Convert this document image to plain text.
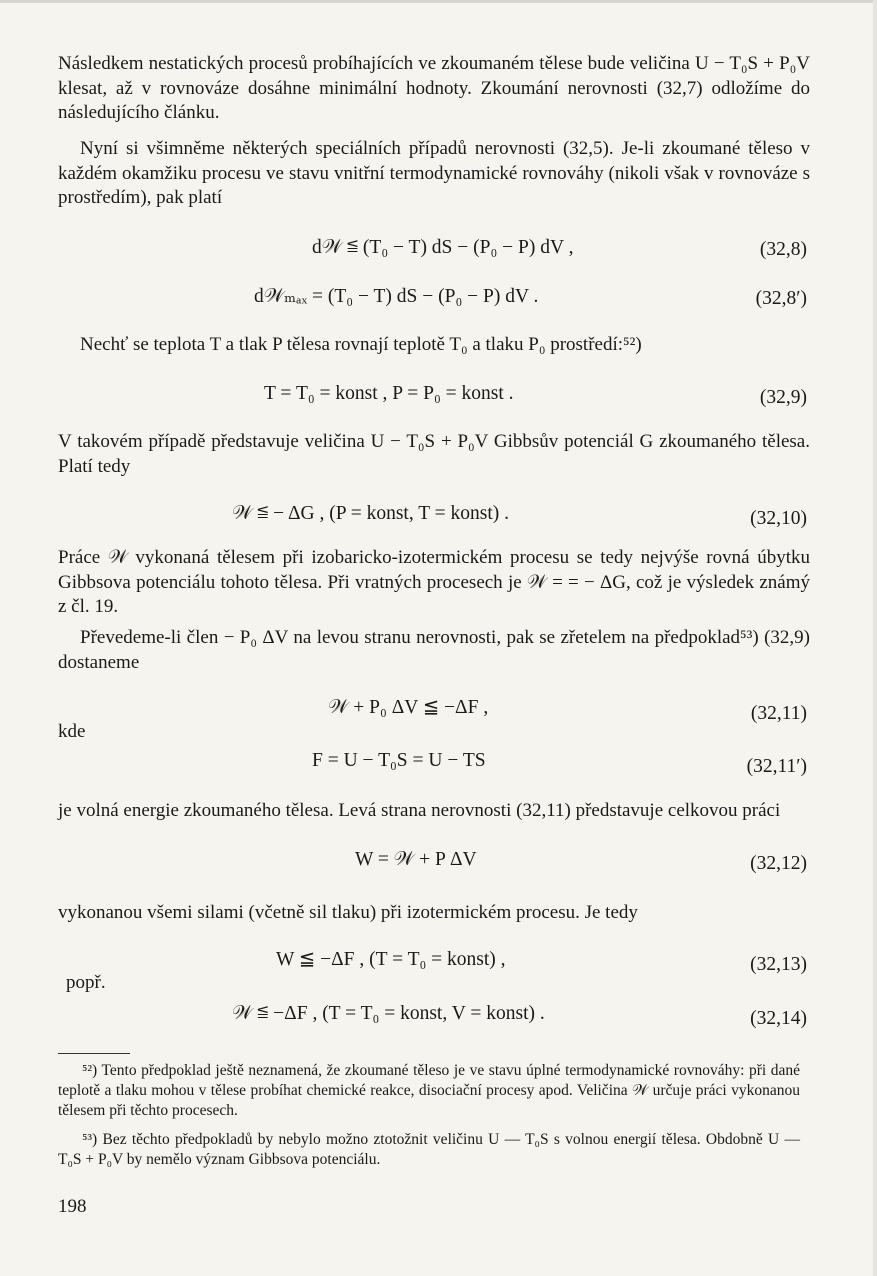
Následkem nestatických procesů probíhajících ve zkoumaném tělese bude veličina U − T₀S + P₀V klesat, až v rovnováze dosáhne minimální hodnoty. Zkoumání nerovnosti (32,7) odložíme do následujícího článku.
Nyní si všimněme některých speciálních případů nerovnosti (32,5). Je-li zkoumané těleso v každém okamžiku procesu ve stavu vnitřní termodynamické rovnováhy (nikoli však v rovnováze s prostředím), pak platí
d𝒲 ≦ (T₀ − T) dS − (P₀ − P) dV ,	(32,8)
d𝒲ₘₐₓ = (T₀ − T) dS − (P₀ − P) dV .	(32,8′)
Nechť se teplota T a tlak P tělesa rovnají teplotě T₀ a tlaku P₀ prostředí:⁵²)
T = T₀ = konst , P = P₀ = konst .	(32,9)
V takovém případě představuje veličina U − T₀S + P₀V Gibbsův potenciál G zkoumaného tělesa. Platí tedy
𝒲 ≦ − ΔG , (P = konst, T = konst) .	(32,10)
Práce 𝒲 vykonaná tělesem při izobaricko-izotermickém procesu se tedy nejvýše rovná úbytku Gibbsova potenciálu tohoto tělesa. Při vratných procesech je 𝒲 = = − ΔG, což je výsledek známý z čl. 19.
Převedeme-li člen − P₀ ΔV na levou stranu nerovnosti, pak se zřetelem na předpoklad⁵³) (32,9) dostaneme
𝒲 + P₀ ΔV ≦ −ΔF ,	(32,11)
kde
F = U − T₀S = U − TS	(32,11′)
je volná energie zkoumaného tělesa. Levá strana nerovnosti (32,11) představuje celkovou práci
W = 𝒲 + P ΔV	(32,12)
vykonanou všemi silami (včetně sil tlaku) při izotermickém procesu. Je tedy
W ≦ −ΔF , (T = T₀ = konst) ,	(32,13)
popř.
𝒲 ≦ −ΔF , (T = T₀ = konst, V = konst) .	(32,14)
⁵²) Tento předpoklad ještě neznamená, že zkoumané těleso je ve stavu úplné termodynamické rovnováhy: při dané teplotě a tlaku mohou v tělese probíhat chemické reakce, disociační procesy apod. Veličina 𝒲 určuje práci vykonanou tělesem při těchto procesech.
⁵³) Bez těchto předpokladů by nebylo možno ztotožnit veličinu U — T₀S s volnou energií tělesa. Obdobně U — T₀S + P₀V by nemělo význam Gibbsova potenciálu.
198
